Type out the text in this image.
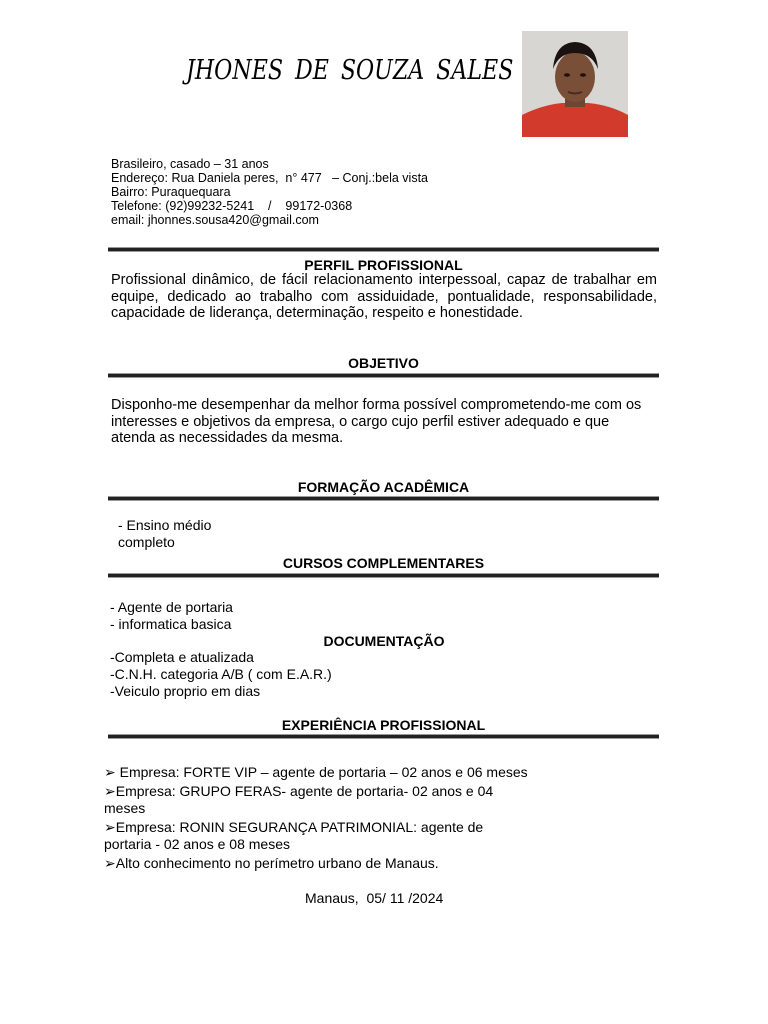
JHONES DE SOUZA SALES
Brasileiro, casado – 31 anos
Endereço: Rua Daniela peres,  n° 477   – Conj.:bela vista
Bairro: Puraquequara
Telefone: (92)99232-5241    /    99172-0368
email: jhonnes.sousa420@gmail.com
PERFIL PROFISSIONAL
Profissional dinâmico, de fácil relacionamento interpessoal, capaz de trabalhar em equipe, dedicado ao trabalho com assiduidade, pontualidade, responsabilidade, capacidade de liderança, determinação, respeito e honestidade.
OBJETIVO
Disponho-me desempenhar da melhor forma possível comprometendo-me com os interesses e objetivos da empresa, o cargo cujo perfil estiver adequado e que atenda as necessidades da mesma.
FORMAÇÃO ACADÊMICA
- Ensino médio
completo
CURSOS COMPLEMENTARES
- Agente de portaria
- informatica basica
DOCUMENTAÇÃO
-Completa e atualizada
-C.N.H. categoria A/B ( com E.A.R.)
-Veiculo proprio em dias
EXPERIÊNCIA PROFISSIONAL
➢ Empresa: FORTE VIP – agente de portaria – 02 anos e 06 meses
➢Empresa: GRUPO FERAS- agente de portaria- 02 anos e 04
meses
➢Empresa: RONIN SEGURANÇA PATRIMONIAL: agente de
portaria - 02 anos e 08 meses
➢Alto conhecimento no perímetro urbano de Manaus.
Manaus,  05/ 11 /2024
